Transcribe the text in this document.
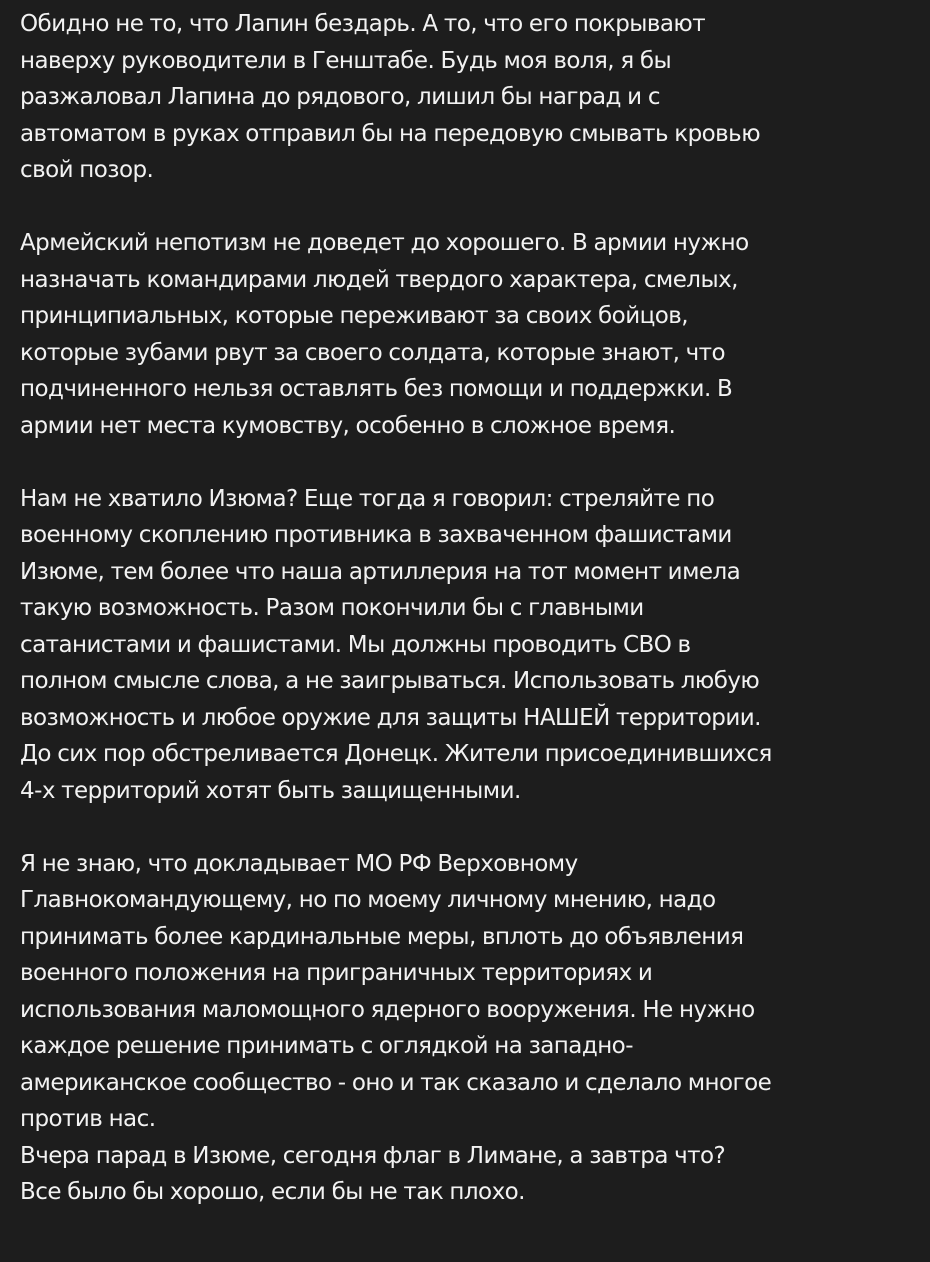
Обидно не то, что Лапин бездарь. А то, что его покрывают
наверху руководители в Генштабе. Будь моя воля, я бы
разжаловал Лапина до рядового, лишил бы наград и с
автоматом в руках отправил бы на передовую смывать кровью
свой позор.

Армейский непотизм не доведет до хорошего. В армии нужно
назначать командирами людей твердого характера, смелых,
принципиальных, которые переживают за своих бойцов,
которые зубами рвут за своего солдата, которые знают, что
подчиненного нельзя оставлять без помощи и поддержки. В
армии нет места кумовству, особенно в сложное время.

Нам не хватило Изюма? Еще тогда я говорил: стреляйте по
военному скоплению противника в захваченном фашистами
Изюме, тем более что наша артиллерия на тот момент имела
такую возможность. Разом покончили бы с главными
сатанистами и фашистами. Мы должны проводить СВО в
полном смысле слова, а не заигрываться. Использовать любую
возможность и любое оружие для защиты НАШЕЙ территории.
До сих пор обстреливается Донецк. Жители присоединившихся
4-х территорий хотят быть защищенными.

Я не знаю, что докладывает МО РФ Верховному
Главнокомандующему, но по моему личному мнению, надо
принимать более кардинальные меры, вплоть до объявления
военного положения на приграничных территориях и
использования маломощного ядерного вооружения. Не нужно
каждое решение принимать с оглядкой на западно-
американское сообщество - оно и так сказало и сделало многое
против нас.
Вчера парад в Изюме, сегодня флаг в Лимане, а завтра что?
Все было бы хорошо, если бы не так плохо.
